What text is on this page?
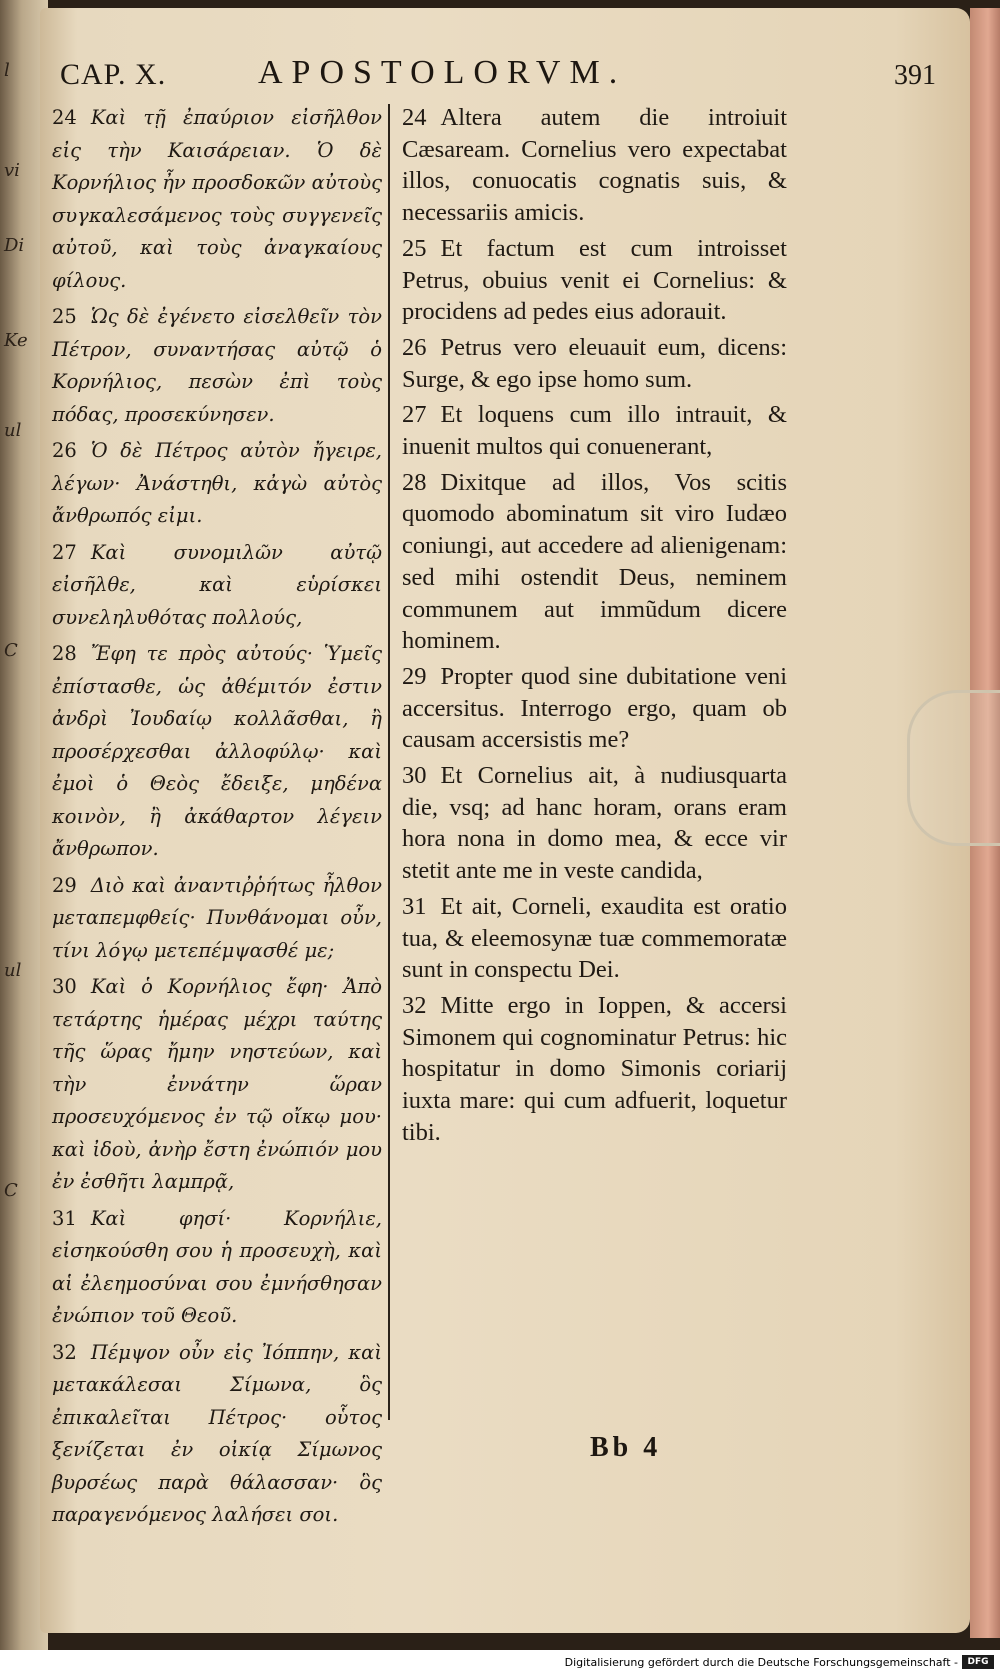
l
vi
Di
Ke
ul
C
ul
C
CAP. X.	APOSTOLORVM.	391

24 Καὶ τῇ ἐπαύριον εἰσῆλθον εἰς τὴν Καισάρειαν. Ὁ δὲ Κορνήλιος ἦν προσδοκῶν αὐτοὺς συγκαλεσάμενος τοὺς συγγενεῖς αὐτοῦ, καὶ τοὺς ἀναγκαίους φίλους.

25 Ὡς δὲ ἐγένετο εἰσελθεῖν τὸν Πέτρον, συναντήσας αὐτῷ ὁ Κορνήλιος, πεσὼν ἐπὶ τοὺς πόδας, προσεκύνησεν.

26 Ὁ δὲ Πέτρος αὐτὸν ἤγειρε, λέγων· Ἀνάστηθι, κἀγὼ αὐτὸς ἄνθρωπός εἰμι.

27 Καὶ συνομιλῶν αὐτῷ εἰσῆλθε, καὶ εὑρίσκει συνεληλυθότας πολλούς,

28 Ἔφη τε πρὸς αὐτούς· Ὑμεῖς ἐπίστασθε, ὡς ἀθέμιτόν ἐστιν ἀνδρὶ Ἰουδαίῳ κολλᾶσθαι, ἢ προσέρχεσθαι ἀλλοφύλῳ· καὶ ἐμοὶ ὁ Θεὸς ἔδειξε, μηδένα κοινὸν, ἢ ἀκάθαρτον λέγειν ἄνθρωπον.

29 Διὸ καὶ ἀναντιῤῥήτως ἦλθον μεταπεμφθείς· Πυνθάνομαι οὖν, τίνι λόγῳ μετεπέμψασθέ με;

30 Καὶ ὁ Κορνήλιος ἔφη· Ἀπὸ τετάρτης ἡμέρας μέχρι ταύτης τῆς ὥρας ἤμην νηστεύων, καὶ τὴν ἐννάτην ὥραν προσευχόμενος ἐν τῷ οἴκῳ μου· καὶ ἰδοὺ, ἀνὴρ ἔστη ἐνώπιόν μου ἐν ἐσθῆτι λαμπρᾷ,

31 Καὶ φησί· Κορνήλιε, εἰσηκούσθη σου ἡ προσευχὴ, καὶ αἱ ἐλεημοσύναι σου ἐμνήσθησαν ἐνώπιον τοῦ Θεοῦ.

32 Πέμψον οὖν εἰς Ἰόππην, καὶ μετακάλεσαι Σίμωνα, ὃς ἐπικαλεῖται Πέτρος· οὗτος ξενίζεται ἐν οἰκίᾳ Σίμωνος βυρσέως παρὰ θάλασσαν· ὃς παραγενόμενος λαλήσει σοι.

24 Altera autem die introiuit Cæsaream. Cornelius vero expectabat illos, conuocatis cognatis suis, & necessariis amicis.

25 Et factum est cum introisset Petrus, obuius venit ei Cornelius: & procidens ad pedes eius adorauit.

26 Petrus vero eleuauit eum, dicens: Surge, & ego ipse homo sum.

27 Et loquens cum illo intrauit, & inuenit multos qui conuenerant,

28 Dixitque ad illos, Vos scitis quomodo abominatum sit viro Iudæo coniungi, aut accedere ad alienigenam: sed mihi ostendit Deus, neminem communem aut immũdum dicere hominem.

29 Propter quod sine dubitatione veni accersitus. Interrogo ergo, quam ob causam accersistis me?

30 Et Cornelius ait, à nudiusquarta die, vsq; ad hanc horam, orans eram hora nona in domo mea, & ecce vir stetit ante me in veste candida,

31 Et ait, Corneli, exaudita est oratio tua, & eleemosynæ tuæ commemoratæ sunt in conspectu Dei.

32 Mitte ergo in Ioppen, & accersi Simonem qui cognominatur Petrus: hic hospitatur in domo Simonis coriarij iuxta mare: qui cum adfuerit, loquetur tibi.

Bb 4
Digitalisierung gefördert durch die Deutsche Forschungsgemeinschaft -	DFG
